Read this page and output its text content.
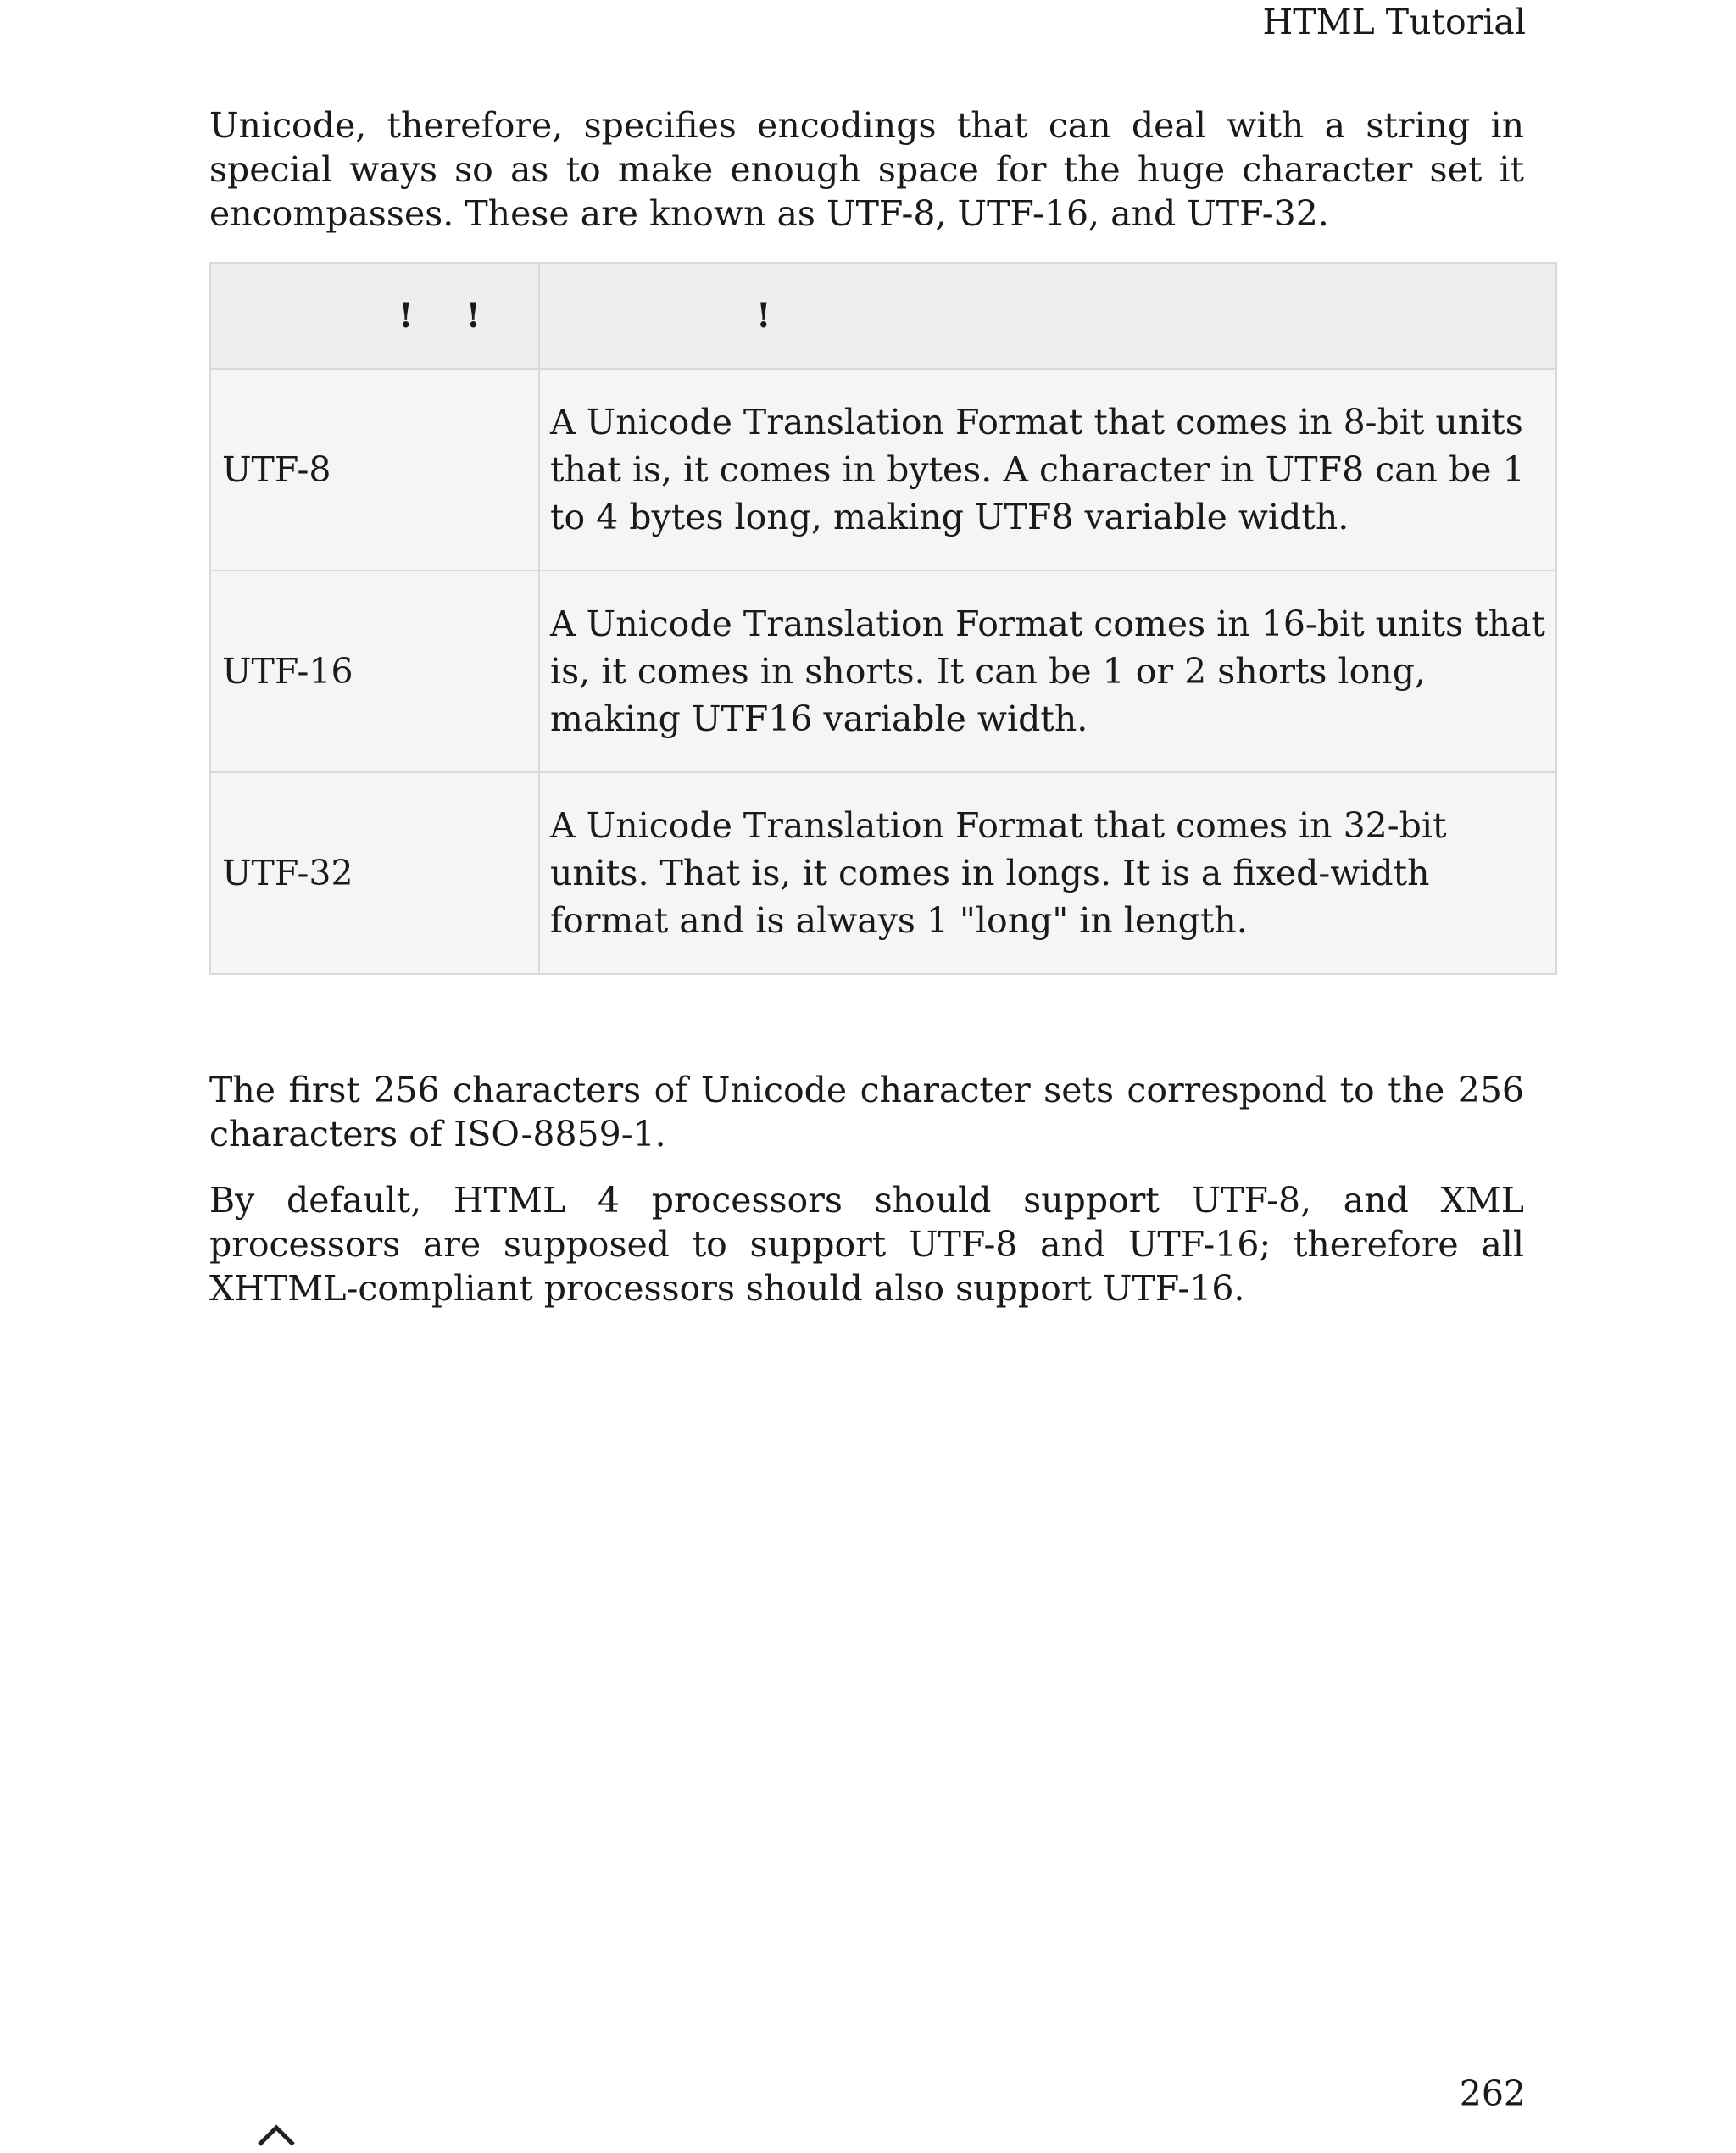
HTML Tutorial

Unicode, therefore, specifies encodings that can deal with a string in special ways so as to make enough space for the huge character set it encompasses. These are known as UTF-8, UTF-16, and UTF-32.

! !	!
UTF-8	A Unicode Translation Format that comes in 8-bit units that is, it comes in bytes. A character in UTF8 can be 1 to 4 bytes long, making UTF8 variable width.
UTF-16	A Unicode Translation Format comes in 16-bit units that is, it comes in shorts. It can be 1 or 2 shorts long, making UTF16 variable width.
UTF-32	A Unicode Translation Format that comes in 32-bit units. That is, it comes in longs. It is a fixed-width format and is always 1 "long" in length.

The first 256 characters of Unicode character sets correspond to the 256 characters of ISO-8859-1.

By default, HTML 4 processors should support UTF-8, and XML processors are supposed to support UTF-8 and UTF-16; therefore all XHTML-compliant processors should also support UTF-16.

262
